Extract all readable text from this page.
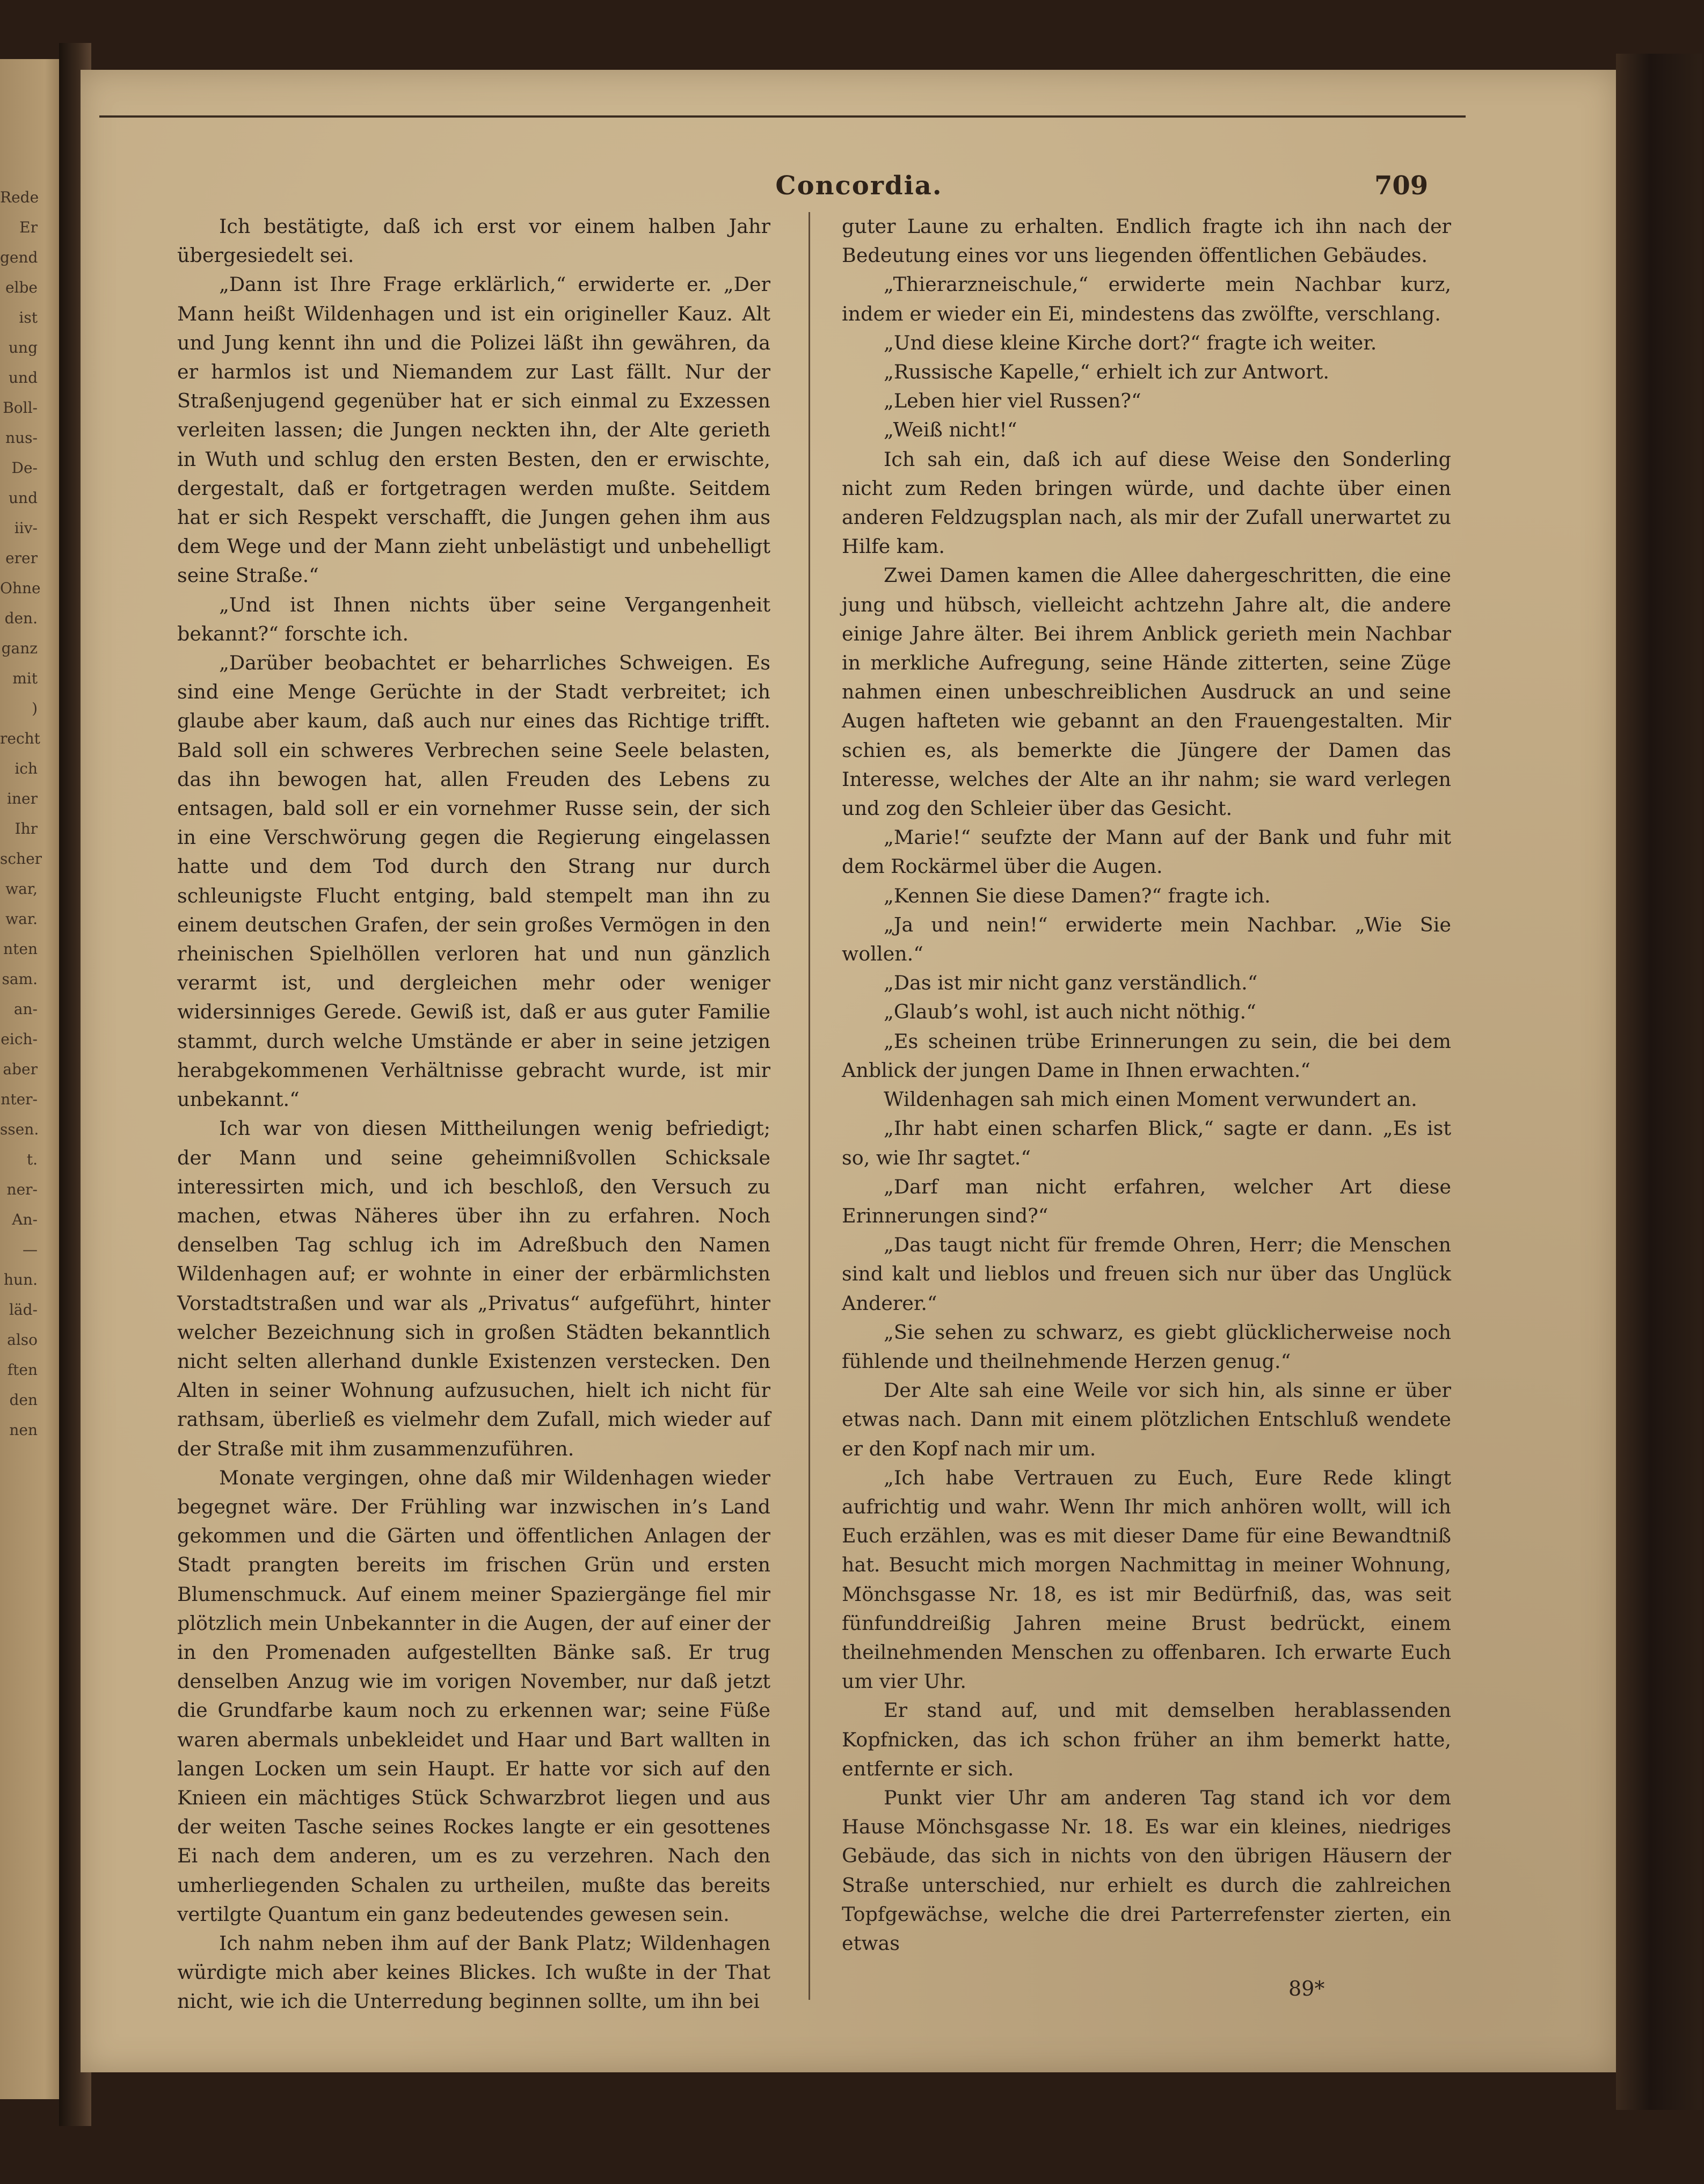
Rede
Er
gend
elbe
ist
ung
und
Boll-
nus-
De-
und
iiv-
erer
Ohne
den.
ganz
mit
)
recht
ich
iner
Ihr
scher
war,
war.
nten
sam.
an-
eich-
aber
nter-
ssen.
t.
ner-
An-
—
hun.
läd-
also
ften
den
nen
Concordia.	709

Ich bestätigte, daß ich erst vor einem halben Jahr übergesiedelt sei.

„Dann ist Ihre Frage erklärlich,“ erwiderte er. „Der Mann heißt Wildenhagen und ist ein origineller Kauz. Alt und Jung kennt ihn und die Polizei läßt ihn gewähren, da er harmlos ist und Niemandem zur Last fällt. Nur der Straßenjugend gegenüber hat er sich einmal zu Exzessen verleiten lassen; die Jungen neckten ihn, der Alte gerieth in Wuth und schlug den ersten Besten, den er erwischte, dergestalt, daß er fortgetragen werden mußte. Seitdem hat er sich Respekt verschafft, die Jungen gehen ihm aus dem Wege und der Mann zieht unbelästigt und unbehelligt seine Straße.“

„Und ist Ihnen nichts über seine Vergangenheit bekannt?“ forschte ich.

„Darüber beobachtet er beharrliches Schweigen. Es sind eine Menge Gerüchte in der Stadt verbreitet; ich glaube aber kaum, daß auch nur eines das Richtige trifft. Bald soll ein schweres Verbrechen seine Seele belasten, das ihn bewogen hat, allen Freuden des Lebens zu entsagen, bald soll er ein vornehmer Russe sein, der sich in eine Verschwörung gegen die Regierung eingelassen hatte und dem Tod durch den Strang nur durch schleunigste Flucht entging, bald stempelt man ihn zu einem deutschen Grafen, der sein großes Vermögen in den rheinischen Spielhöllen verloren hat und nun gänzlich verarmt ist, und dergleichen mehr oder weniger widersinniges Gerede. Gewiß ist, daß er aus guter Familie stammt, durch welche Umstände er aber in seine jetzigen herabgekommenen Verhältnisse gebracht wurde, ist mir unbekannt.“

Ich war von diesen Mittheilungen wenig befriedigt; der Mann und seine geheimnißvollen Schicksale interessirten mich, und ich beschloß, den Versuch zu machen, etwas Näheres über ihn zu erfahren. Noch denselben Tag schlug ich im Adreßbuch den Namen Wildenhagen auf; er wohnte in einer der erbärmlichsten Vorstadtstraßen und war als „Privatus“ aufgeführt, hinter welcher Bezeichnung sich in großen Städten bekanntlich nicht selten allerhand dunkle Existenzen verstecken. Den Alten in seiner Wohnung aufzusuchen, hielt ich nicht für rathsam, überließ es vielmehr dem Zufall, mich wieder auf der Straße mit ihm zusammenzuführen.

Monate vergingen, ohne daß mir Wildenhagen wieder begegnet wäre. Der Frühling war inzwischen in’s Land gekommen und die Gärten und öffentlichen Anlagen der Stadt prangten bereits im frischen Grün und ersten Blumenschmuck. Auf einem meiner Spaziergänge fiel mir plötzlich mein Unbekannter in die Augen, der auf einer der in den Promenaden aufgestellten Bänke saß. Er trug denselben Anzug wie im vorigen November, nur daß jetzt die Grundfarbe kaum noch zu erkennen war; seine Füße waren abermals unbekleidet und Haar und Bart wallten in langen Locken um sein Haupt. Er hatte vor sich auf den Knieen ein mächtiges Stück Schwarzbrot liegen und aus der weiten Tasche seines Rockes langte er ein gesottenes Ei nach dem anderen, um es zu verzehren. Nach den umherliegenden Schalen zu urtheilen, mußte das bereits vertilgte Quantum ein ganz bedeutendes gewesen sein.

Ich nahm neben ihm auf der Bank Platz; Wildenhagen würdigte mich aber keines Blickes. Ich wußte in der That nicht, wie ich die Unterredung beginnen sollte, um ihn bei

guter Laune zu erhalten. Endlich fragte ich ihn nach der Bedeutung eines vor uns liegenden öffentlichen Gebäudes.

„Thierarzneischule,“ erwiderte mein Nachbar kurz, indem er wieder ein Ei, mindestens das zwölfte, verschlang.

„Und diese kleine Kirche dort?“ fragte ich weiter.

„Russische Kapelle,“ erhielt ich zur Antwort.

„Leben hier viel Russen?“

„Weiß nicht!“

Ich sah ein, daß ich auf diese Weise den Sonderling nicht zum Reden bringen würde, und dachte über einen anderen Feldzugsplan nach, als mir der Zufall unerwartet zu Hilfe kam.

Zwei Damen kamen die Allee dahergeschritten, die eine jung und hübsch, vielleicht achtzehn Jahre alt, die andere einige Jahre älter. Bei ihrem Anblick gerieth mein Nachbar in merkliche Aufregung, seine Hände zitterten, seine Züge nahmen einen unbeschreiblichen Ausdruck an und seine Augen hafteten wie gebannt an den Frauengestalten. Mir schien es, als bemerkte die Jüngere der Damen das Interesse, welches der Alte an ihr nahm; sie ward verlegen und zog den Schleier über das Gesicht.

„Marie!“ seufzte der Mann auf der Bank und fuhr mit dem Rockärmel über die Augen.

„Kennen Sie diese Damen?“ fragte ich.

„Ja und nein!“ erwiderte mein Nachbar. „Wie Sie wollen.“

„Das ist mir nicht ganz verständlich.“

„Glaub’s wohl, ist auch nicht nöthig.“

„Es scheinen trübe Erinnerungen zu sein, die bei dem Anblick der jungen Dame in Ihnen erwachten.“

Wildenhagen sah mich einen Moment verwundert an.

„Ihr habt einen scharfen Blick,“ sagte er dann. „Es ist so, wie Ihr sagtet.“

„Darf man nicht erfahren, welcher Art diese Erinnerungen sind?“

„Das taugt nicht für fremde Ohren, Herr; die Menschen sind kalt und lieblos und freuen sich nur über das Unglück Anderer.“

„Sie sehen zu schwarz, es giebt glücklicherweise noch fühlende und theilnehmende Herzen genug.“

Der Alte sah eine Weile vor sich hin, als sinne er über etwas nach. Dann mit einem plötzlichen Entschluß wendete er den Kopf nach mir um.

„Ich habe Vertrauen zu Euch, Eure Rede klingt aufrichtig und wahr. Wenn Ihr mich anhören wollt, will ich Euch erzählen, was es mit dieser Dame für eine Bewandtniß hat. Besucht mich morgen Nachmittag in meiner Wohnung, Mönchsgasse Nr. 18, es ist mir Bedürfniß, das, was seit fünfunddreißig Jahren meine Brust bedrückt, einem theilnehmenden Menschen zu offenbaren. Ich erwarte Euch um vier Uhr.

Er stand auf, und mit demselben herablassenden Kopfnicken, das ich schon früher an ihm bemerkt hatte, entfernte er sich.

Punkt vier Uhr am anderen Tag stand ich vor dem Hause Mönchsgasse Nr. 18. Es war ein kleines, niedriges Gebäude, das sich in nichts von den übrigen Häusern der Straße unterschied, nur erhielt es durch die zahlreichen Topfgewächse, welche die drei Parterrefenster zierten, ein etwas

89*
